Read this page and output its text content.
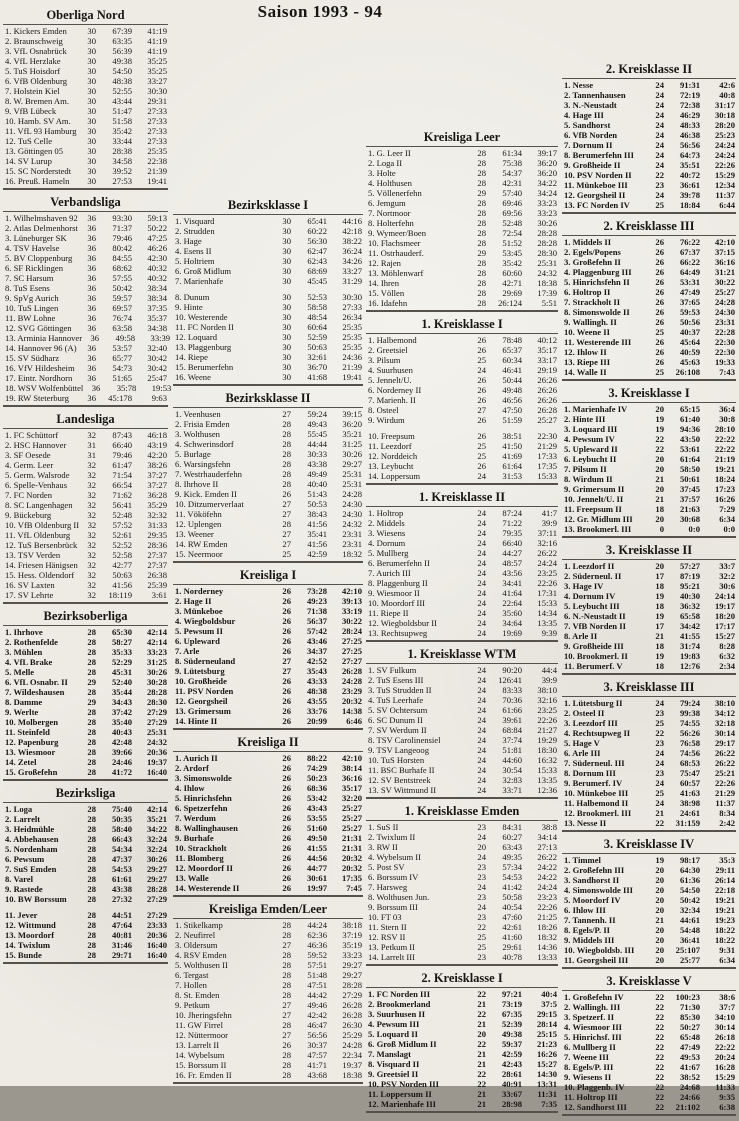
Saison 1993 - 94
Oberliga Nord
1. Kickers Emden	30	67:39	41:19
2. Braunschweig	30	63:35	41:19
3. VfL Osnabrück	30	56:39	41:19
4. VfL Herzlake	30	49:38	35:25
5. TuS Hoisdorf	30	54:50	35:25
6. VfB Oldenburg	30	48:38	33:27
7. Holstein Kiel	30	52:55	30:30
8. W. Bremen Am.	30	43:44	29:31
9. VfB Lübeck	30	51:47	27:33
10. Hamb. SV Am.	30	51:58	27:33
11. VfL 93 Hamburg	30	35:42	27:33
12. TuS Celle	30	33:44	27:33
13. Göttingen 05	30	28:38	25:35
14. SV Lurup	30	34:58	22:38
15. SC Norderstedt	30	39:52	21:39
16. Preuß. Hameln	30	27:53	19:41
Verbandsliga
1. Wilhelmshaven 92	36	93:30	59:13
2. Atlas Delmenhorst	36	71:37	50:22
3. Lüneburger SK	36	79:46	47:25
4. TSV Havelse	36	80:42	46:26
5. BV Cloppenburg	36	84:55	42:30
6. SF Ricklingen	36	68:62	40:32
7. SC Harsum	36	57:55	40:32
8. TuS Esens	36	50:42	38:34
9. SpVg Aurich	36	59:57	38:34
10. TuS Lingen	36	69:57	37:35
11. BW Lohne	36	76:74	35:37
12. SVG Göttingen	36	63:58	34:38
13. Arminia Hannover 36	49:58	33:39
14. Hannover 96 (A)	36	53:57	32:40
15. SV Südharz	36	65:77	30:42
16. VfV Hildesheim	36	54:73	30:42
17. Eintr. Nordhorn	36	51:65	25:47
18. WSV Wolfenbüttel 36	35:78	19:53
19. RW Steterburg	36	45:178	9:63
Landesliga
1. FC Schüttorf	32	87:43	46:18
2. HSC Hannover	31	66:40	43:19
3. SF Oesede	31	79:46	42:20
4. Germ. Leer	32	61:47	38:26
5. Germ. Walsrode	32	71:54	37:27
6. Spelle-Venhaus	32	66:54	37:27
7. FC Norden	32	71:62	36:28
8. SC Langenhagen	32	56:41	35:29
9. Bückeburg	32	52:48	32:32
10. VfB Oldenburg II 32	57:52	31:33
11. VfL Oldenburg	32	52:61	29:35
12. TuS Bersenbrück	32	52:52	28:36
13. TSV Verden	32	52:58	27:37
14. Friesen Hänigsen	32	42:77	27:37
15. Hess. Oldendorf	32	50:63	26:38
16. SV Laxten	32	41:56	25:39
17. SV Lehrte	32	18:119	3:61
Bezirksoberliga
1. Ihrhove	28	65:30	42:14
2. Rothenfelde	28	58:27	42:14
3. Mühlen	28	35:33	33:23
4. VfL Brake	28	52:29	31:25
5. Melle	28	45:31	30:26
6. VfL Osnabr. II	29	52:40	30:28
7. Wildeshausen	28	35:44	28:28
8. Damme	29	34:43	28:30
9. Werlte	28	37:42	27:29
10. Molbergen	28	35:40	27:29
11. Steinfeld	28	40:43	25:31
12. Papenburg	28	42:48	24:32
13. Wiesmoor	28	39:66	20:36
14. Zetel	28	24:46	19:37
15. Großefehn	28	41:72	16:40
Bezirksliga
1. Loga	28	75:40	42:14
2. Larrelt	28	50:35	35:21
3. Heidmühle	28	58:40	34:22
4. Abbehausen	28	66:43	32:24
5. Nordenham	28	54:34	32:24
6. Pewsum	28	47:37	30:26
7. SuS Emden	28	54:53	29:27
8. Varel	28	61:61	29:27
9. Rastede	28	43:38	28:28
10. BW Borssum	28	27:32	27:29
11. Jever	28	44:51	27:29
12. Wittmund	28	47:64	23:33
13. Moordorf	28	40:81	20:36
14. Twixlum	28	31:46	16:40
15. Bunde	28	29:71	16:40
Bezirksklasse I
1. Visquard	30	65:41	44:16
2. Strudden	30	60:22	42:18
3. Hage	30	56:30	38:22
4. Esens II	30	62:47	36:24
5. Holtriem	30	62:43	34:26
6. Groß Midlum	30	68:69	33:27
7. Marienhafe	30	45:45	31:29
8. Dunum	30	52:53	30:30
9. Hinte	30	58:58	27:33
10. Westerende	30	48:54	26:34
11. FC Norden II	30	60:64	25:35
12. Loquard	30	52:59	25:35
13. Plaggenburg	30	50:63	25:35
14. Riepe	30	32:61	24:36
15. Berumerfehn	30	36:70	21:39
16. Weene	30	41:68	19:41
Bezirksklasse II
1. Veenhusen	27	59:24	39:15
2. Frisia Emden	28	49:43	36:20
3. Wolthusen	28	55:45	35:21
4. Schwerinsdorf	28	44:44	31:25
5. Burlage	28	30:33	30:26
6. Warsingsfehn	28	43:38	29:27
7. Westrhauderfehn	28	49:49	25:31
8. Ihrhove II	28	40:40	25:31
9. Kick. Emden II	26	51:43	24:28
10. Ditzumerverlaat	27	50:53	24:30
11. Vököfehn	27	38:43	24:30
12. Uplengen	28	41:56	24:32
13. Weener	27	35:41	23:31
14. RW Emden	27	41:56	23:31
15. Neermoor	25	42:59	18:32
Kreisliga I
1. Norderney	26	73:28	42:10
2. Hage II	26	49:23	39:13
3. Münkeboe	26	71:38	33:19
4. Wiegboldsbur	26	56:37	30:22
5. Pewsum II	26	57:42	28:24
6. Upleward	26	43:46	27:25
7. Arle	26	34:37	27:25
8. Süderneuland	27	42:52	27:27
9. Lütetsburg	27	35:43	26:28
10. Großheide	26	43:33	24:28
11. PSV Norden	26	48:38	23:29
12. Georgsheil	26	43:55	20:32
13. Grimersum	26	33:76	14:38
14. Hinte II	26	20:99	6:46
Kreisliga II
1. Aurich II	26	88:22	42:10
2. Ardorf	26	74:29	38:14
3. Simonswolde	26	50:23	36:16
4. Ihlow	26	68:36	35:17
5. Hinrichsfehn	26	53:42	32:20
6. Spetzerfehn	26	43:43	25:27
7. Werdum	26	53:55	25:27
8. Wallinghausen	26	51:60	25:27
9. Burhafe	26	49:50	21:31
10. Strackholt	26	41:55	21:31
11. Blomberg	26	44:56	20:32
12. Moordorf II	26	44:77	20:32
13. Walle	26	30:61	17:35
14. Westerende II	26	19:97	7:45
Kreisliga Emden/Leer
1. Stikelkamp	28	44:24	38:18
2. Neufirrel	28	62:36	37:19
3. Oldersum	27	46:36	35:19
4. RSV Emden	28	59:52	33:23
5. Wolthusen II	28	57:51	29:27
6. Tergast	28	51:48	29:27
7. Hollen	28	47:51	28:28
8. St. Emden	28	44:42	27:29
9. Petkum	27	49:46	26:28
10. Jheringsfehn	27	42:42	26:28
11. GW Firrel	28	46:47	26:30
12. Nüttermoor	27	56:56	25:29
13. Larrelt II	26	30:37	24:28
14. Wybelsum	28	47:57	22:34
15. Borssum II	28	41:71	19:37
16. Fr. Emden II	28	43:68	18:38
Kreisliga Leer
1. G. Leer II	28	61:34	39:17
2. Loga II	28	75:38	36:20
3. Holte	28	54:37	36:20
4. Holthusen	28	42:31	34:22
5. Völlenerfehn	29	57:40	34:24
6. Jemgum	28	69:46	33:23
7. Nortmoor	28	69:56	33:23
8. Holterfehn	28	52:48	30:26
9. Wymeer/Boen	28	72:54	28:28
10. Flachsmeer	28	51:52	28:28
11. Ostrhauderf.	29	53:45	28:30
12. Rajen	28	35:42	25:31
13. Möhlenwarf	28	60:60	24:32
14. Ihren	28	42:71	18:38
15. Völlen	28	29:69	17:39
16. Idafehn	28	26:124	5:51
1. Kreisklasse I
1. Halbemond	26	78:48	40:12
2. Greetsiel	26	65:37	35:17
3. Pilsum	25	60:34	33:17
4. Suurhusen	24	46:41	29:19
5. Jennelt/U.	26	50:44	26:26
6. Norderney II	26	49:48	26:26
7. Marienh. II	26	46:56	26:26
8. Osteel	27	47:50	26:28
9. Wirdum	26	51:59	25:27
10. Freepsum	26	38:51	22:30
11. Leezdorf	25	41:50	21:29
12. Norddeich	25	41:69	17:33
13. Leybucht	26	61:64	17:35
14. Loppersum	24	31:53	15:33
1. Kreisklasse II
1. Holtrop	24	87:24	41:7
2. Middels	24	71:22	39:9
3. Wiesens	24	79:35	37:11
4. Dornum	24	66:40	32:16
5. Mullberg	24	44:27	26:22
6. Berumerfehn II	24	48:57	24:24
7. Aurich III	24	43:56	23:25
8. Plaggenburg II	24	34:41	22:26
9. Wiesmoor II	24	41:64	17:31
10. Moordorf III	24	22:64	15:33
11. Riepe II	24	35:60	14:34
12. Wiegboldsbur II	24	34:64	13:35
13. Rechtsupweg	24	19:69	9:39
1. Kreisklasse WTM
1. SV Fulkum	24	90:20	44:4
2. TuS Esens III	24	126:41	39:9
3. TuS Strudden II	24	83:33	38:10
4. TuS Leerhafe	24	70:36	32:16
5. SV Ochtersum	24	61:66	23:25
6. SC Dunum II	24	39:61	22:26
7. SV Werdum II	24	68:84	21:27
8. TSV Carolinensiel	24	37:74	19:29
9. TSV Langeoog	24	51:81	18:30
10. TuS Horsten	24	44:60	16:32
11. BSC Burhafe II	24	30:54	15:33
12. SV Bentstreek	24	32:83	13:35
13. SV Wittmund II	24	33:71	12:36
1. Kreisklasse Emden
1. SuS II	23	84:31	38:8
2. Twixlum II	24	60:27	34:14
3. RW II	20	63:43	27:13
4. Wybelsum II	24	49:35	26:22
5. Post SV	23	57:34	24:22
6. Borssum IV	23	54:53	24:22
7. Harsweg	24	41:42	24:24
8. Wolthusen Jun.	23	50:58	23:23
9. Borssum III	24	40:54	22:26
10. FT 03	23	47:60	21:25
11. Stern II	22	42:61	18:26
12. RSV II	25	41:60	18:32
13. Petkum II	25	29:61	14:36
14. Larrelt III	23	40:78	13:33
2. Kreisklasse I
1. FC Norden III	22	97:21	40:4
2. Brookmerland	21	73:19	37:5
3. Suurhusen II	22	67:35	29:15
4. Pewsum III	21	52:39	28:14
5. Loquard II	20	49:38	25:15
6. Groß Midlum II	22	59:37	21:23
7. Manslagt	21	42:59	16:26
8. Visquard II	21	42:43	15:27
9. Greetsiel II	22	28:61	14:30
10. PSV Norden III	22	40:91	13:31
11. Loppersum II	21	33:67	11:31
12. Marienhafe III	21	28:98	7:35
2. Kreisklasse II
1. Nesse	24	91:31	42:6
2. Tannenhausen	24	72:19	40:8
3. N.-Neustadt	24	72:38	31:17
4. Hage III	24	46:29	30:18
5. Sandhorst	24	48:33	28:20
6. VfB Norden	24	46:38	25:23
7. Dornum II	24	56:56	24:24
8. Berumerfehn III	24	64:73	24:24
9. Großheide II	24	35:51	22:26
10. PSV Norden II	22	40:72	15:29
11. Münkeboe III	23	36:61	12:34
12. Georgsheil II	24	39:78	11:37
13. FC Norden IV	25	18:84	6:44
2. Kreisklasse III
1. Middels II	26	76:22	42:10
2. Egels/Popens	26	67:37	37:15
3. Großefehn II	26	66:22	36:16
4. Plaggenburg III	26	64:49	31:21
5. Hinrichsfehn II	26	53:31	30:22
6. Holtrop II	26	47:49	25:27
7. Strackholt II	26	37:65	24:28
8. Simonswolde II	26	59:53	24:30
9. Wallingh. II	26	50:56	23:31
10. Weene II	25	40:37	22:28
11. Westerende III	26	45:64	22:30
12. Ihlow II	26	40:59	22:30
13. Riepe III	26	45:63	19:33
14. Walle II	25	26:108	7:43
3. Kreisklasse I
1. Marienhafe IV	20	65:15	36:4
2. Hinte III	19	61:40	30:8
3. Loquard III	19	94:36	28:10
4. Pewsum IV	22	43:50	22:22
5. Upleward II	22	53:61	22:22
6. Leybucht II	20	61:64	21:19
7. Pilsum II	20	58:50	19:21
8. Wirdum II	21	50:61	18:24
9. Grimersum II	20	37:45	17:23
10. Jennelt/U. II	21	37:57	16:26
11. Freepsum II	18	21:63	7:29
12. Gr. Midlum III	20	30:68	6:34
13. Brookmerl. III	0	0:0	0:0
3. Kreisklasse II
1. Leezdorf II	20	57:27	33:7
2. Süderneul. II	17	87:19	32:2
3. Hage IV	18	95:21	30:6
4. Dornum IV	19	40:30	24:14
5. Leybucht III	18	36:32	19:17
6. N.-Neustadt II	19	65:58	18:20
7. VfB Norden II	17	34:42	17:17
8. Arle II	21	41:55	15:27
9. Großheide III	18	31:74	8:28
10. Brookmerl. II	19	19:83	6:32
11. Berumerf. V	18	12:76	2:34
3. Kreisklasse III
1. Lütetsburg II	24	79:24	38:10
2. Osteel II	23	99:38	34:12
3. Leezdorf III	25	74:55	32:18
4. Rechtsupweg II	22	56:26	30:14
5. Hage V	23	76:58	29:17
6. Arle III	24	74:56	26:22
7. Süderneul. III	24	68:53	26:22
8. Dornum III	23	75:47	25:21
9. Berumerf. IV	24	60:57	22:26
10. Münkeboe III	25	41:63	21:29
11. Halbemond II	24	38:98	11:37
12. Brookmerl. III	21	24:61	8:34
13. Nesse II	22	31:159	2:42
3. Kreisklasse IV
1. Timmel	19	98:17	35:3
2. Großefehn III	20	64:30	29:11
3. Sandhorst II	20	61:36	26:14
4. Simonswolde III	20	54:50	22:18
5. Moordorf IV	20	50:42	19:21
6. Ihlow III	20	32:34	19:21
7. Tannenh. II	21	44:61	19:23
8. Egels/P. II	20	54:48	18:22
9. Middels III	20	36:41	18:22
10. Wiegboldsb. III	20	25:107	9:31
11. Georgsheil III	20	25:77	6:34
3. Kreisklasse V
1. Großefehn IV	22	100:23	38:6
2. Wallingh. III	22	71:30	37:7
3. Spetzerf. II	22	85:30	34:10
4. Wiesmoor III	22	50:27	30:14
5. Hinrichsf. III	22	65:48	26:18
6. Mullberg II	22	47:49	22:22
7. Weene III	22	49:53	20:24
8. Egels/P. III	22	41:67	16:28
9. Wiesens II	22	38:52	15:29
10. Plaggenb. IV	22	24:68	11:33
11. Holtrop III	22	24:66	9:35
12. Sandhorst III	22	21:102	6:38
